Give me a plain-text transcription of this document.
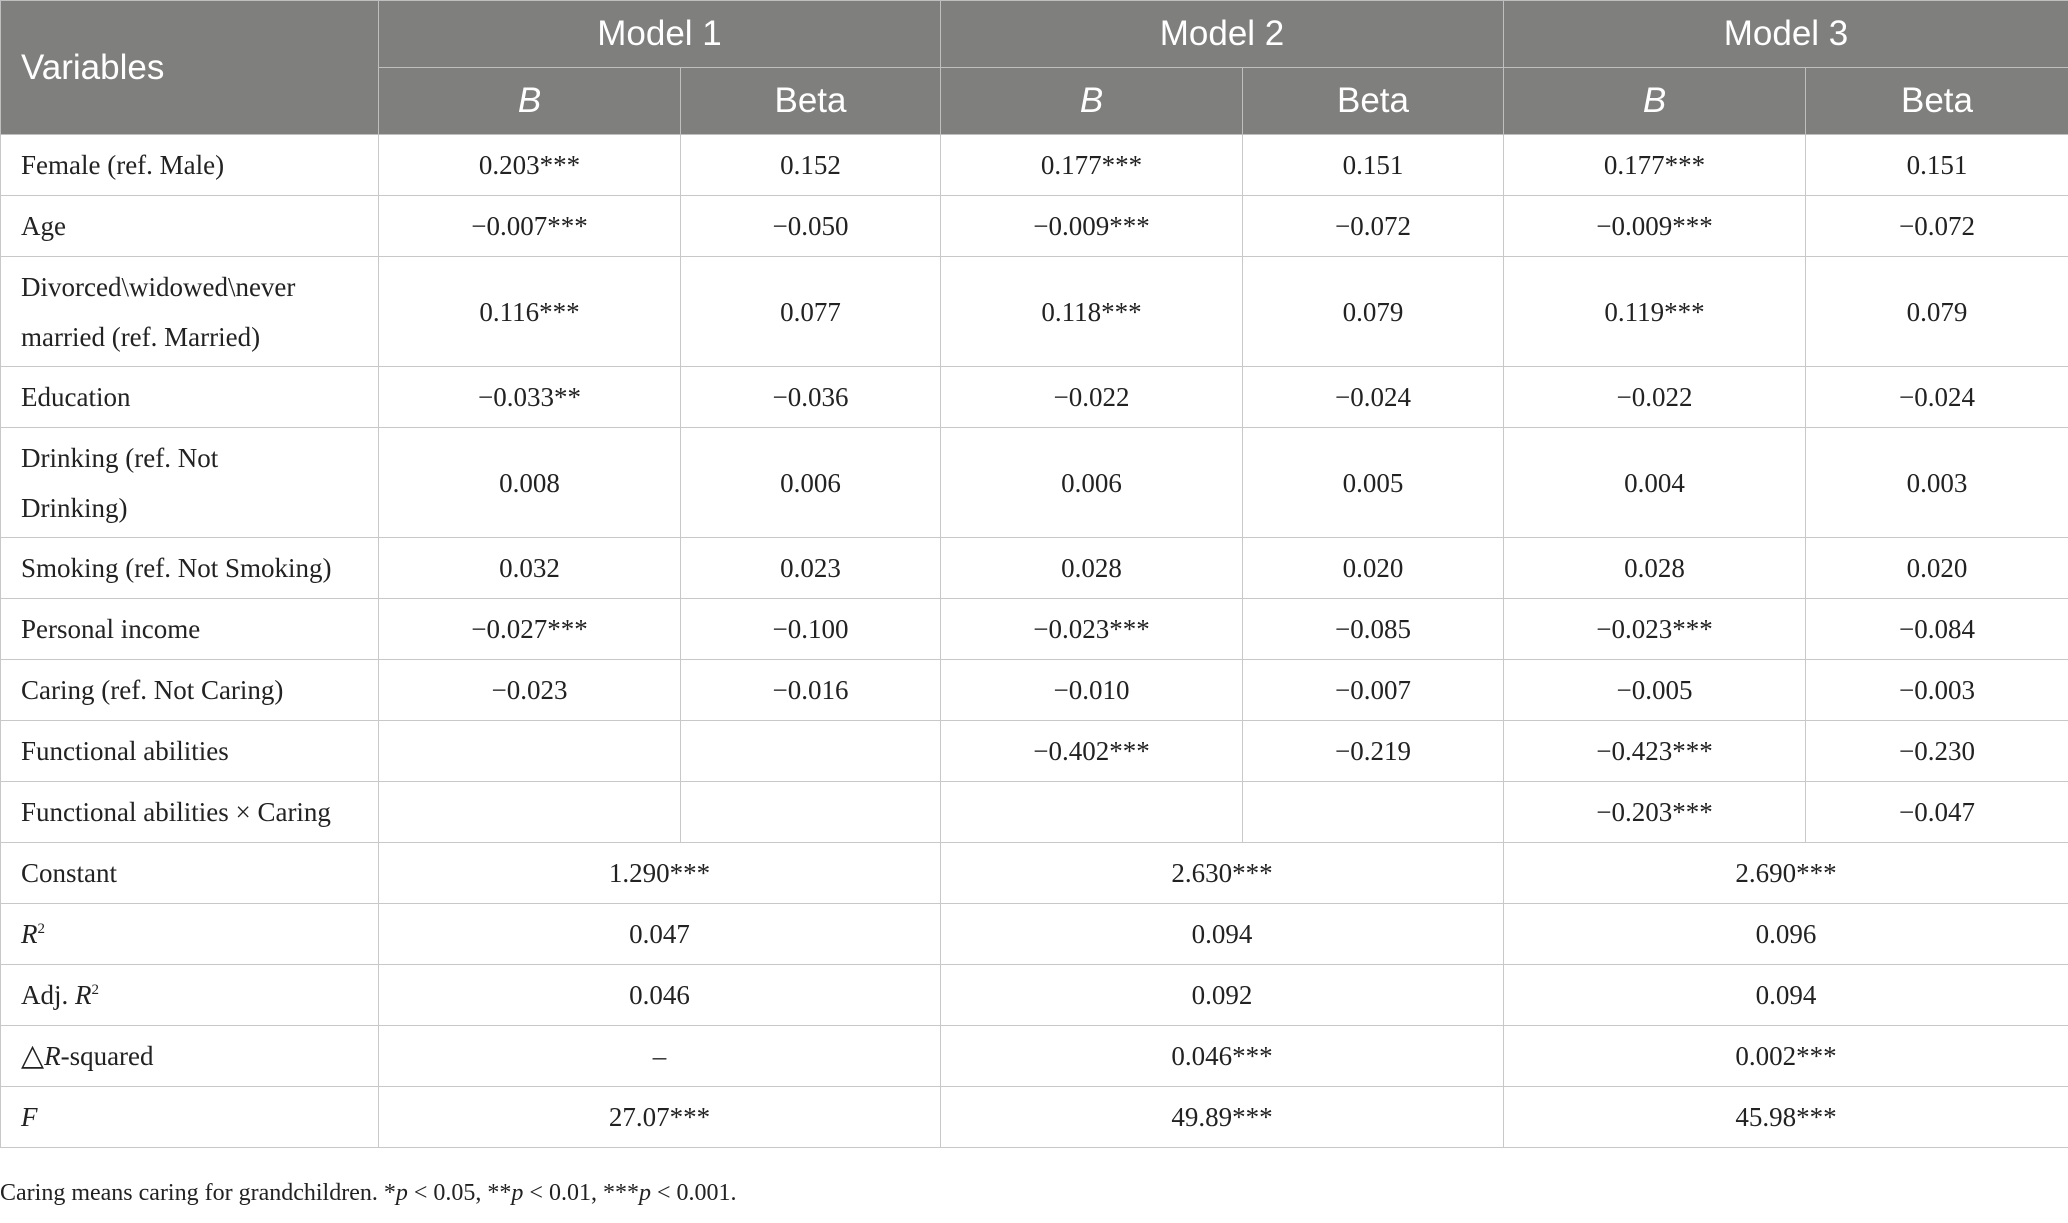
Variables	Model 1		Model 2		Model 3	
	B	Beta	B	Beta	B	Beta
Female (ref. Male)	0.203***	0.152	0.177***	0.151	0.177***	0.151
Age	−0.007***	−0.050	−0.009***	−0.072	−0.009***	−0.072
Divorced\widowed\never
married (ref. Married)	0.116***	0.077	0.118***	0.079	0.119***	0.079
Education	−0.033**	−0.036	−0.022	−0.024	−0.022	−0.024
Drinking (ref. Not
Drinking)	0.008	0.006	0.006	0.005	0.004	0.003
Smoking (ref. Not Smoking)	0.032	0.023	0.028	0.020	0.028	0.020
Personal income	−0.027***	−0.100	−0.023***	−0.085	−0.023***	−0.084
Caring (ref. Not Caring)	−0.023	−0.016	−0.010	−0.007	−0.005	−0.003
Functional abilities			−0.402***	−0.219	−0.423***	−0.230
Functional abilities × Caring					−0.203***	−0.047
Constant	1.290***		2.630***		2.690***	
$R^2$	0.047		0.094		0.096	
Adj. $R^2$	0.046		0.092		0.094	
△R-squared	–		0.046***		0.002***	
F	27.07***		49.89***		45.98***	
Caring means caring for grandchildren. *p < 0.05, **p < 0.01, ***p < 0.001.
